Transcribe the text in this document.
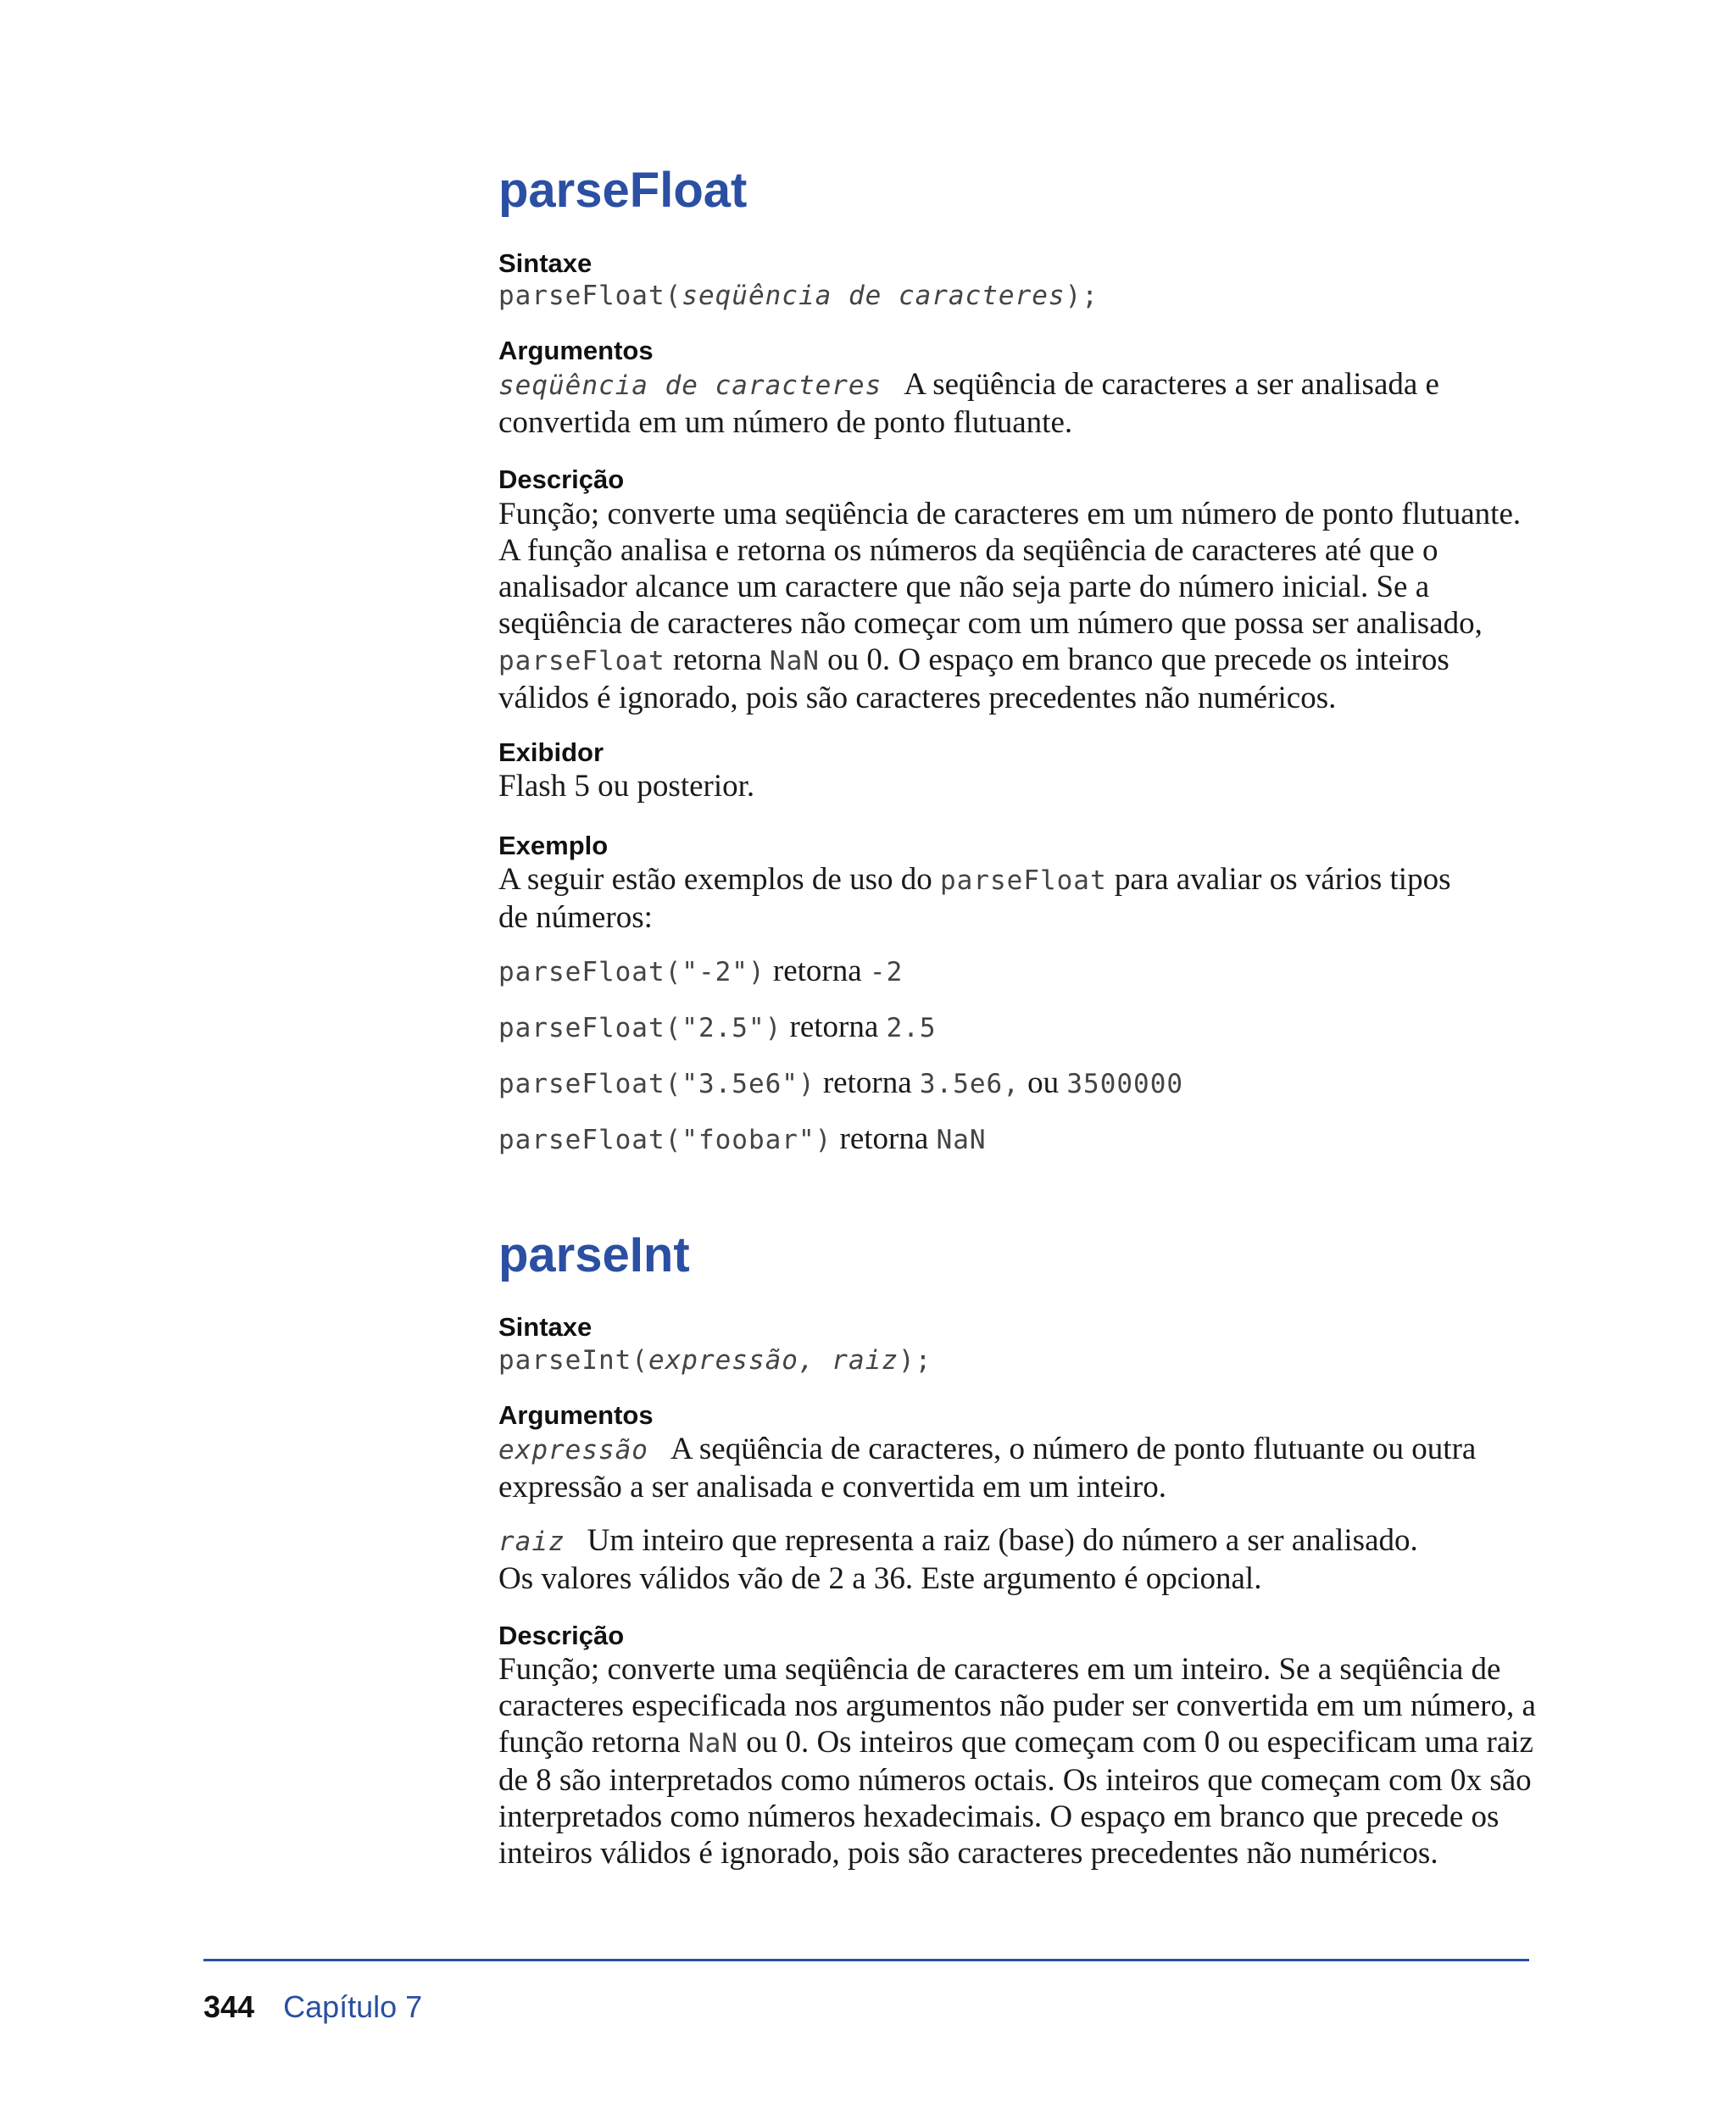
parseFloat
Sintaxe
parseFloat(seqüência de caracteres);
Argumentos
seqüência de caracteres A seqüência de caracteres a ser analisada e
convertida em um número de ponto flutuante.
Descrição
Função; converte uma seqüência de caracteres em um número de ponto flutuante.
A função analisa e retorna os números da seqüência de caracteres até que o
analisador alcance um caractere que não seja parte do número inicial. Se a
seqüência de caracteres não começar com um número que possa ser analisado,
parseFloat retorna NaN ou 0. O espaço em branco que precede os inteiros
válidos é ignorado, pois são caracteres precedentes não numéricos.
Exibidor
Flash 5 ou posterior.
Exemplo
A seguir estão exemplos de uso do parseFloat para avaliar os vários tipos
de números:
parseFloat("-2") retorna -2
parseFloat("2.5") retorna 2.5
parseFloat("3.5e6") retorna 3.5e6, ou 3500000
parseFloat("foobar") retorna NaN
parseInt
Sintaxe
parseInt(expressão, raiz);
Argumentos
expressão A seqüência de caracteres, o número de ponto flutuante ou outra
expressão a ser analisada e convertida em um inteiro.
raiz Um inteiro que representa a raiz (base) do número a ser analisado.
Os valores válidos vão de 2 a 36. Este argumento é opcional.
Descrição
Função; converte uma seqüência de caracteres em um inteiro. Se a seqüência de
caracteres especificada nos argumentos não puder ser convertida em um número, a
função retorna NaN ou 0. Os inteiros que começam com 0 ou especificam uma raiz
de 8 são interpretados como números octais. Os inteiros que começam com 0x são
interpretados como números hexadecimais. O espaço em branco que precede os
inteiros válidos é ignorado, pois são caracteres precedentes não numéricos.
344 Capítulo 7
